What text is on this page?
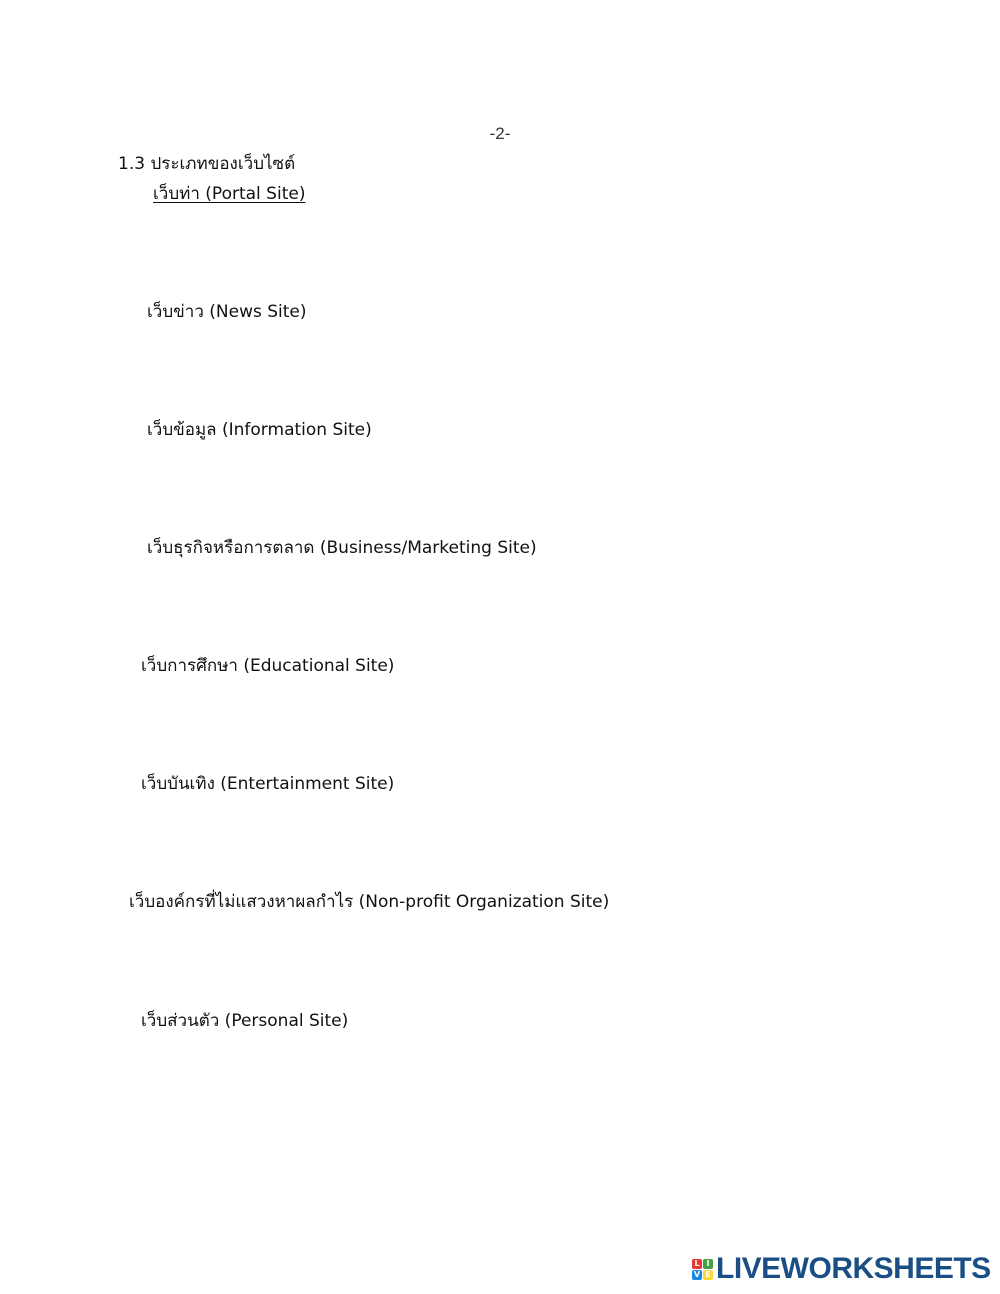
-2-
1.3 ประเภทของเว็บไซต์
เว็บท่า (Portal Site)
เว็บข่าว (News Site)
เว็บข้อมูล (Information Site)
เว็บธุรกิจหรือการตลาด (Business/Marketing Site)
เว็บการศึกษา (Educational Site)
เว็บบันเทิง (Entertainment Site)
เว็บองค์กรที่ไม่แสวงหาผลกำไร (Non-profit Organization Site)
เว็บส่วนตัว (Personal Site)
L I
V E LIVEWORKSHEETS
